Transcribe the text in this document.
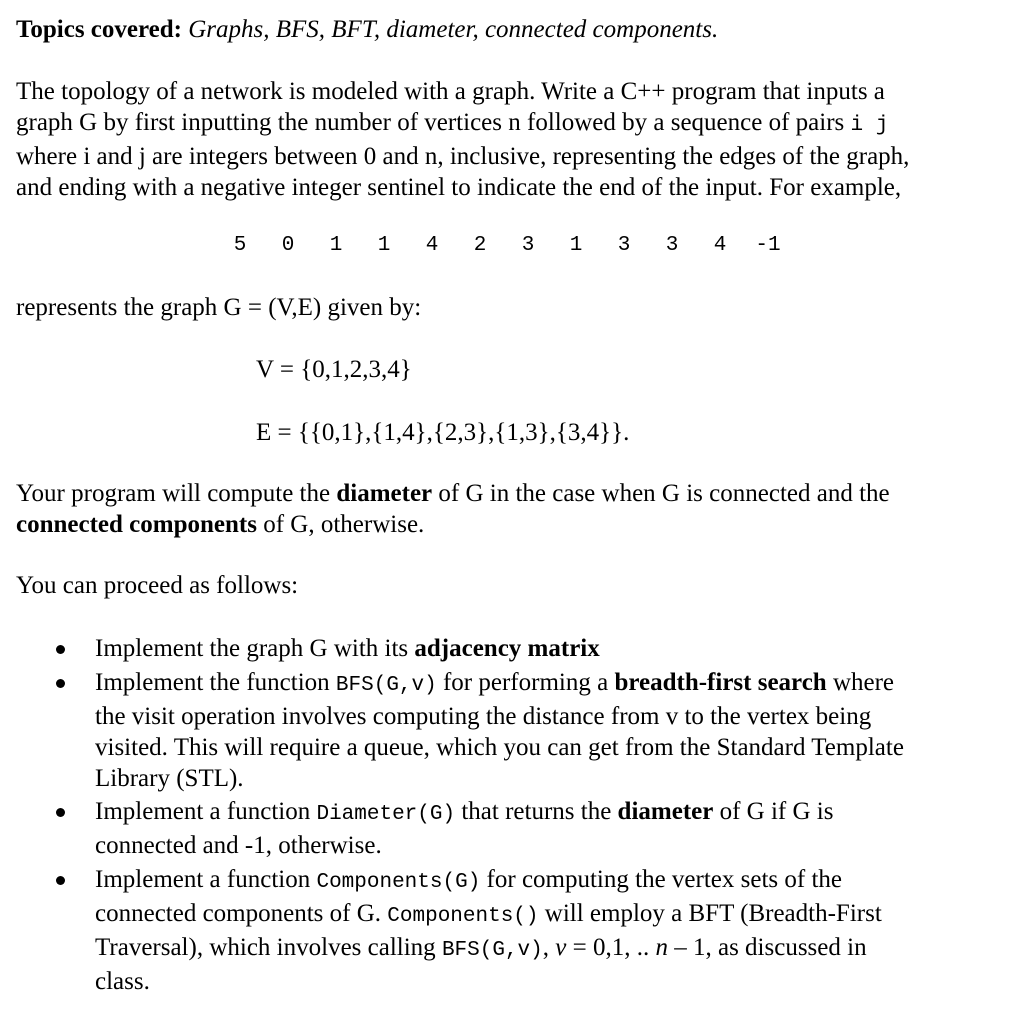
Topics covered: Graphs, BFS, BFT, diameter, connected components.
The topology of a network is modeled with a graph. Write a C++ program that inputs a
graph G by first inputting the number of vertices n followed by a sequence of pairs i j
where i and j are integers between 0 and n, inclusive, representing the edges of the graph,
and ending with a negative integer sentinel to indicate the end of the input. For example,
5 0 1 1 4 2 3 1 3 3 4 -1
represents the graph G = (V,E) given by:
V = {0,1,2,3,4}
E = {{0,1},{1,4},{2,3},{1,3},{3,4}}.
Your program will compute the diameter of G in the case when G is connected and the
connected components of G, otherwise.
You can proceed as follows:
Implement the graph G with its adjacency matrix
Implement the function BFS(G,v) for performing a breadth-first search where
the visit operation involves computing the distance from v to the vertex being
visited. This will require a queue, which you can get from the Standard Template
Library (STL).
Implement a function Diameter(G) that returns the diameter of G if G is
connected and -1, otherwise.
Implement a function Components(G) for computing the vertex sets of the
connected components of G. Components() will employ a BFT (Breadth-First
Traversal), which involves calling BFS(G,v), v = 0,1, .. n – 1, as discussed in
class.
